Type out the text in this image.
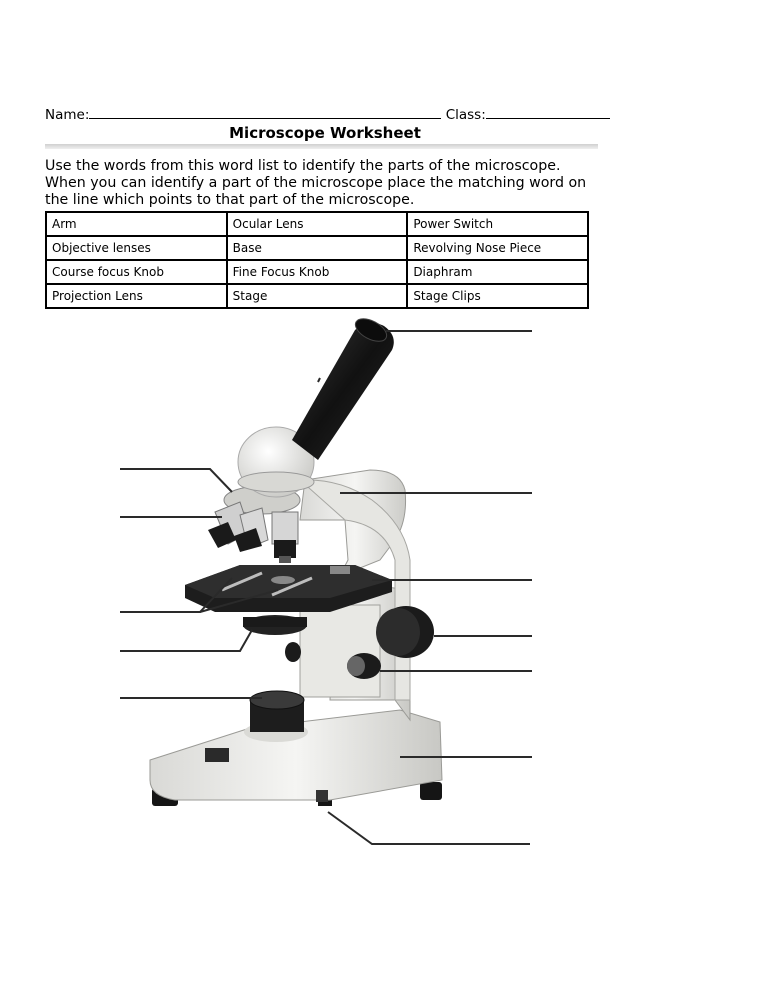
Name:	Class:
Microscope Worksheet
Use the words from this word list to identify the parts of the microscope. When you can identify a part of the microscope place the matching word on the line which points to that part of the microscope.
Arm	Ocular Lens	Power Switch
Objective lenses	Base	Revolving Nose Piece
Course focus Knob	Fine Focus Knob	Diaphram
Projection Lens	Stage	Stage Clips
